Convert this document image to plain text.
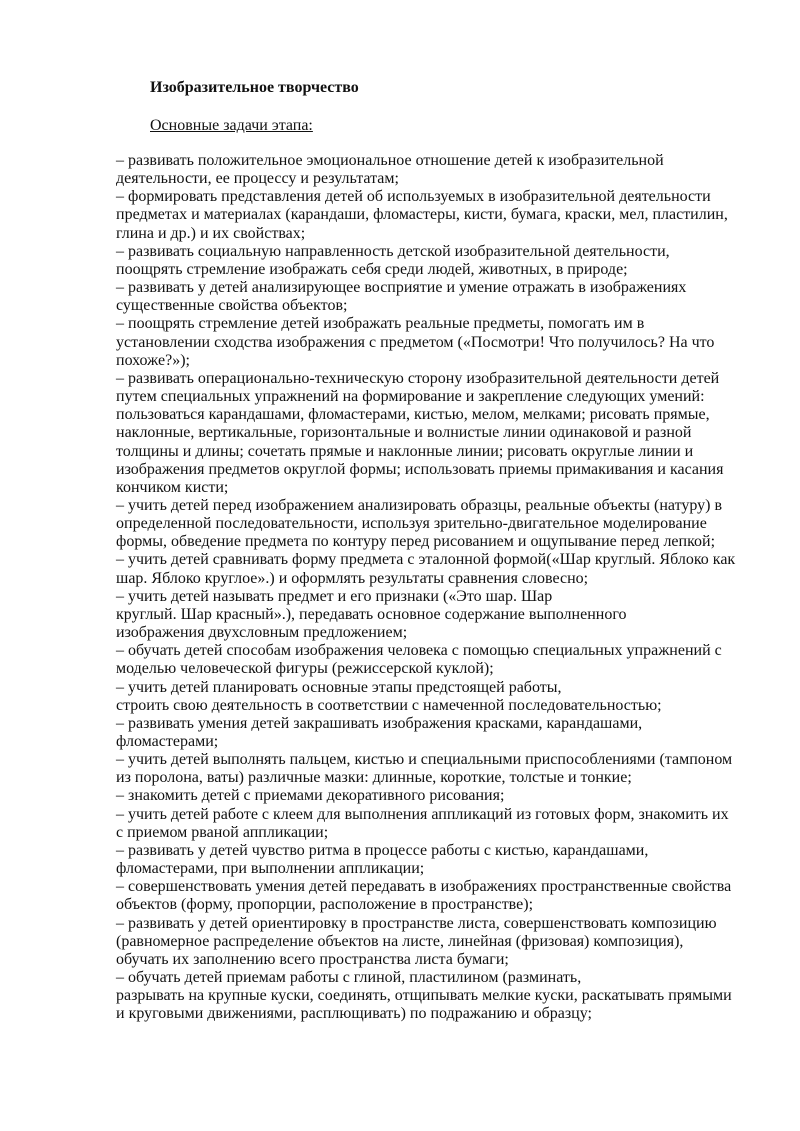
Изобразительное творчество

Основные задачи этапа:

– развивать положительное эмоциональное отношение детей к изобразительной
деятельности, ее процессу и результатам;
– формировать представления детей об используемых в изобразительной деятельности
предметах и материалах (карандаши, фломастеры, кисти, бумага, краски, мел, пластилин,
глина и др.) и их свойствах;
– развивать социальную направленность детской изобразительной деятельности,
поощрять стремление изображать себя среди людей, животных, в природе;
– развивать у детей анализирующее восприятие и умение отражать в изображениях
существенные свойства объектов;
– поощрять стремление детей изображать реальные предметы, помогать им в
установлении сходства изображения с предметом («Посмотри! Что получилось? На что
похоже?»);
– развивать операционально-техническую сторону изобразительной деятельности детей
путем специальных упражнений на формирование и закрепление следующих умений:
пользоваться карандашами, фломастерами, кистью, мелом, мелками; рисовать прямые,
наклонные, вертикальные, горизонтальные и волнистые линии одинаковой и разной
толщины и длины; сочетать прямые и наклонные линии; рисовать округлые линии и
изображения предметов округлой формы; использовать приемы примакивания и касания
кончиком кисти;
– учить детей перед изображением анализировать образцы, реальные объекты (натуру) в
определенной последовательности, используя зрительно-двигательное моделирование
формы, обведение предмета по контуру перед рисованием и ощупывание перед лепкой;
– учить детей сравнивать форму предмета с эталонной формой(«Шар круглый. Яблоко как
шар. Яблоко круглое».) и оформлять результаты сравнения словесно;
– учить детей называть предмет и его признаки («Это шар. Шар
круглый. Шар красный».), передавать основное содержание выполненного
изображения двухсловным предложением;
– обучать детей способам изображения человека с помощью специальных упражнений с
моделью человеческой фигуры (режиссерской куклой);
– учить детей планировать основные этапы предстоящей работы,
строить свою деятельность в соответствии с намеченной последовательностью;
– развивать умения детей закрашивать изображения красками, карандашами,
фломастерами;
– учить детей выполнять пальцем, кистью и специальными приспособлениями (тампоном
из поролона, ваты) различные мазки: длинные, короткие, толстые и тонкие;
– знакомить детей с приемами декоративного рисования;
– учить детей работе с клеем для выполнения аппликаций из готовых форм, знакомить их
с приемом рваной аппликации;
– развивать у детей чувство ритма в процессе работы с кистью, карандашами,
фломастерами, при выполнении аппликации;
– совершенствовать умения детей передавать в изображениях пространственные свойства
объектов (форму, пропорции, расположение в пространстве);
– развивать у детей ориентировку в пространстве листа, совершенствовать композицию
(равномерное распределение объектов на листе, линейная (фризовая) композиция),
обучать их заполнению всего пространства листа бумаги;
– обучать детей приемам работы с глиной, пластилином (разминать,
разрывать на крупные куски, соединять, отщипывать мелкие куски, раскатывать прямыми
и круговыми движениями, расплющивать) по подражанию и образцу;
